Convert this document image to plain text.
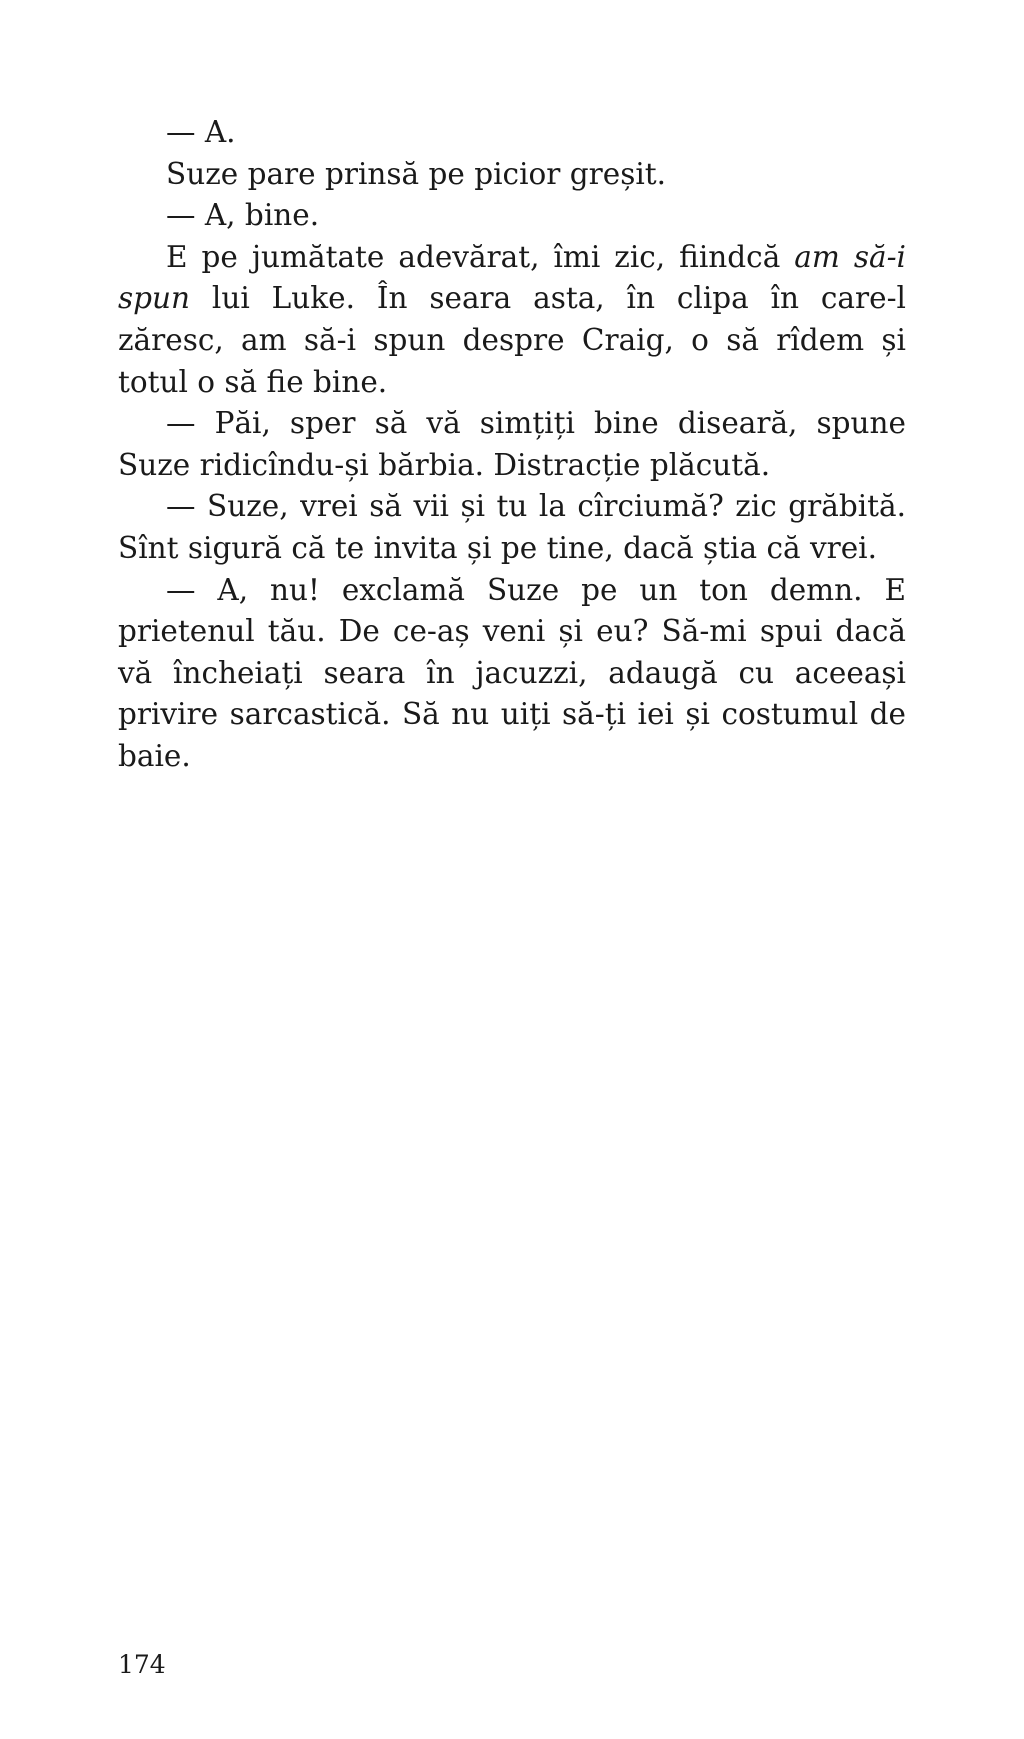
— A.

Suze pare prinsă pe picior greșit.

— A, bine.

E pe jumătate adevărat, îmi zic, fiindcă am să-i spun lui Luke. În seara asta, în clipa în care-l zăresc, am să-i spun despre Craig, o să rîdem și totul o să fie bine.

— Păi, sper să vă simțiți bine diseară, spune Suze ridicîndu-și bărbia. Distracție plăcută.

— Suze, vrei să vii și tu la cîrciumă? zic grăbită. Sînt sigură că te invita și pe tine, dacă știa că vrei.

— A, nu! exclamă Suze pe un ton demn. E prietenul tău. De ce-aș veni și eu? Să-mi spui dacă vă încheiați seara în jacuzzi, adaugă cu aceeași privire sarcastică. Să nu uiți să-ți iei și costumul de baie.

174
